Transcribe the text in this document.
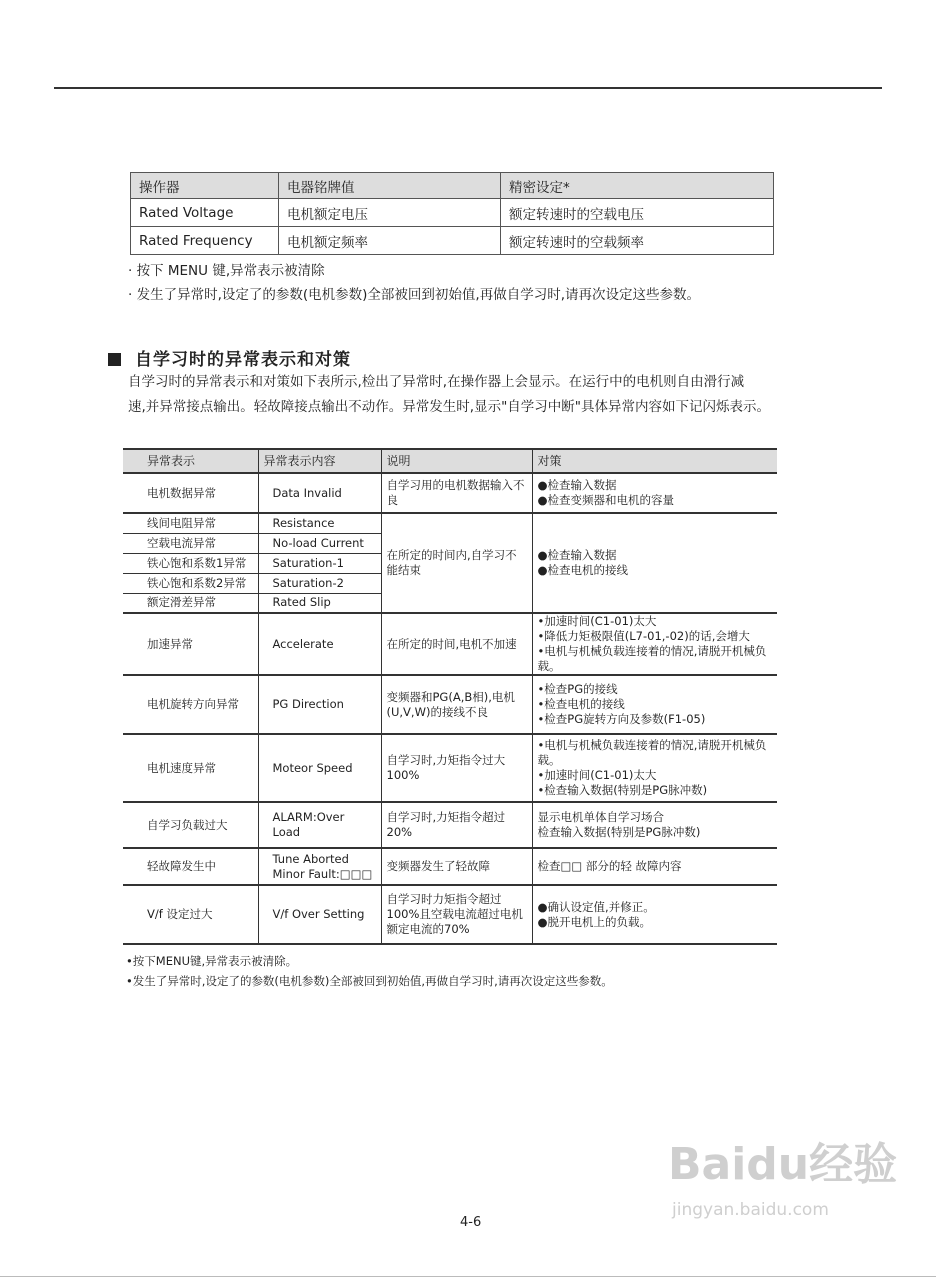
操作器	电器铭牌值	精密设定*
Rated Voltage	电机额定电压	额定转速时的空载电压
Rated Frequency	电机额定频率	额定转速时的空载频率
· 按下 MENU 键,异常表示被清除
· 发生了异常时,设定了的参数(电机参数)全部被回到初始值,再做自学习时,请再次设定这些参数。
自学习时的异常表示和对策
自学习时的异常表示和对策如下表所示,检出了异常时,在操作器上会显示。在运行中的电机则自由滑行减
速,并异常接点输出。轻故障接点输出不动作。异常发生时,显示"自学习中断"具体异常内容如下记闪烁表示。
异常表示	异常表示内容	说明	对策
电机数据异常	Data Invalid	自学习用的电机数据输入不良	●检查输入数据
●检查变频器和电机的容量

线间电阻异常	Resistance	在所定的时间内,自学习不能结束	●检查输入数据
●检查电机的接线

空载电流异常	No-load Current		
铁心饱和系数1异常	Saturation-1		
铁心饱和系数2异常	Saturation-2		
额定滑差异常	Rated Slip		
加速异常	Accelerate	在所定的时间,电机不加速	•加速时间(C1-01)太大
•降低力矩极限值(L7-01,-02)的话,会增大
•电机与机械负载连接着的情况,请脱开机械负载。

电机旋转方向异常	PG Direction	变频器和PG(A,B相),电机(U,V,W)的接线不良	•检查PG的接线
•检查电机的接线
•检查PG旋转方向及参数(F1-05)

电机速度异常	Moteor Speed	自学习时,力矩指令过大100%	•电机与机械负载连接着的情况,请脱开机械负载。
•加速时间(C1-01)太大
•检查输入数据(特别是PG脉冲数)

自学习负载过大	ALARM:Over Load	自学习时,力矩指令超过20%	显示电机单体自学习场合
检查输入数据(特别是PG脉冲数)

轻故障发生中	Tune Aborted Minor Fault:□□□	变频器发生了轻故障	检查□□ 部分的轻 故障内容

V/f 设定过大	V/f Over Setting	自学习时力矩指令超过100%且空载电流超过电机额定电流的70%	●确认设定值,并修正。
●脱开电机上的负载。
•按下MENU键,异常表示被清除。
•发生了异常时,设定了的参数(电机参数)全部被回到初始值,再做自学习时,请再次设定这些参数。
4-6
Baidu经验
jingyan.baidu.com
